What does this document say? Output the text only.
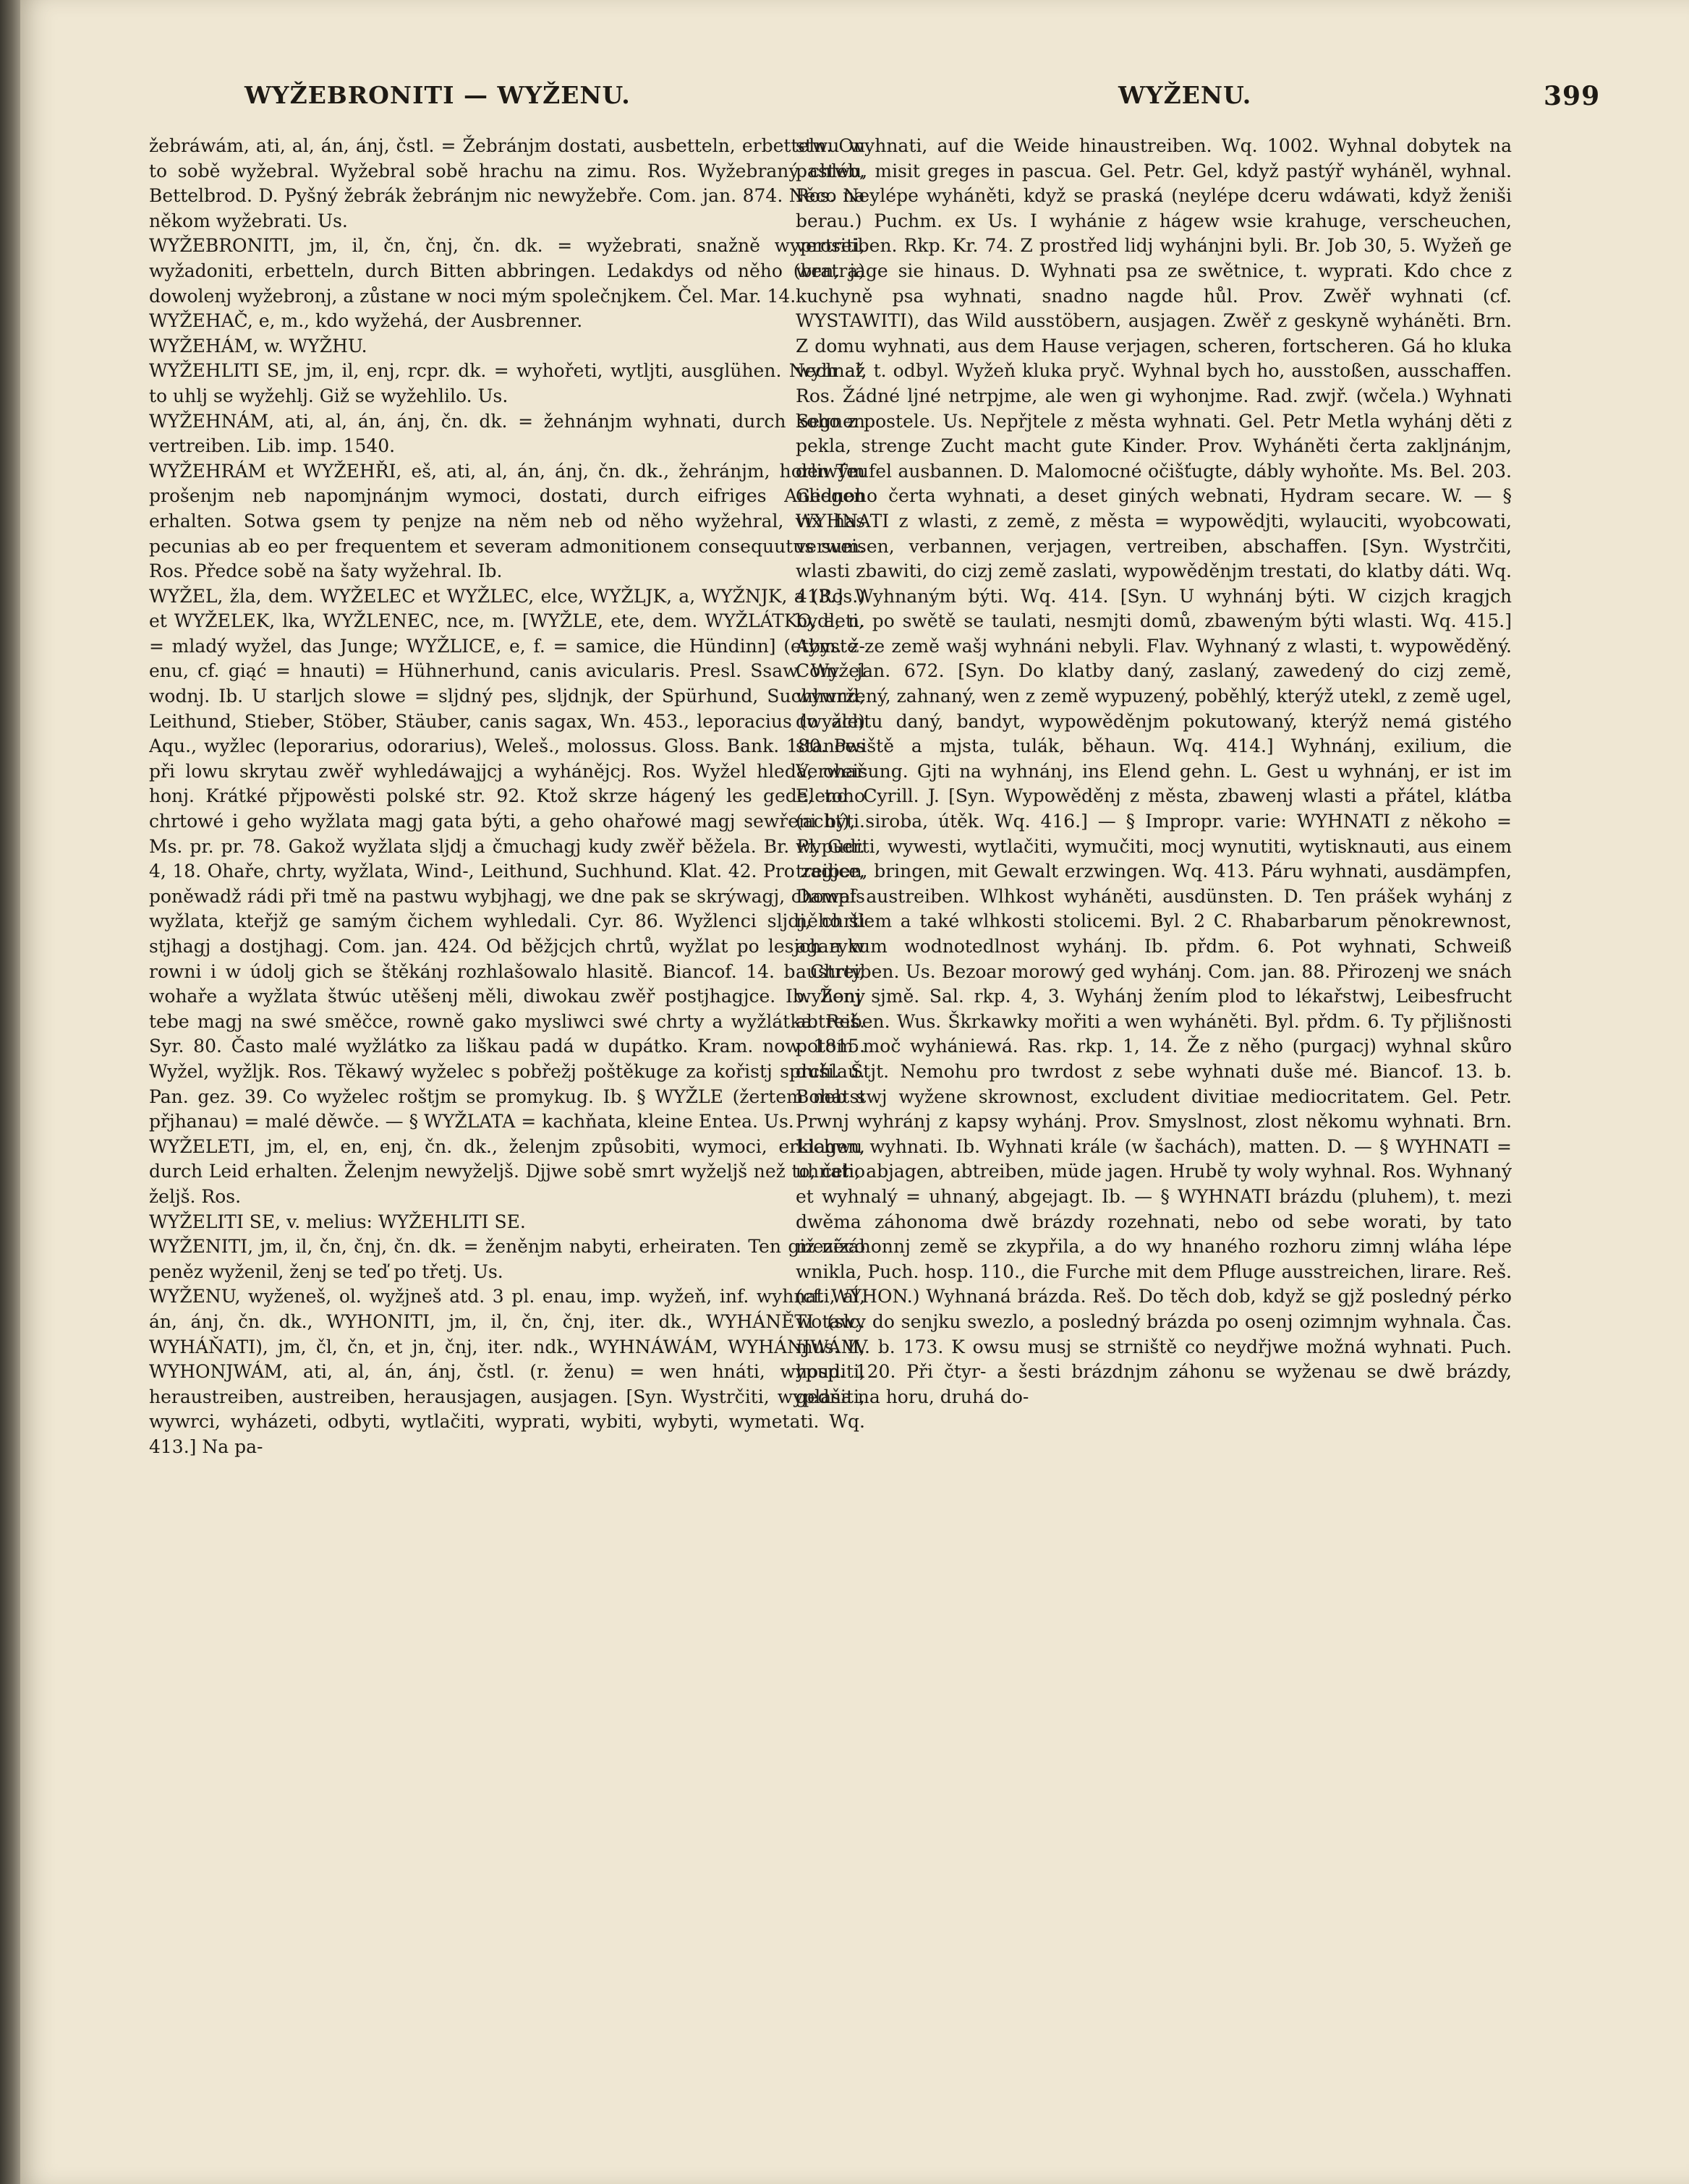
WYŽEBRONITI — WYŽENU.	WYŽENU.	399

žebráwám, ati, al, án, ánj, čstl. = Žebránjm dostati, ausbetteln, erbetteln. On to sobě wyžebral. Wyžebral sobě hrachu na zimu. Ros. Wyžebraný chléb, Bettelbrod. D. Pyšný žebrák žebránjm nic newyžebře. Com. jan. 874. Něco na někom wyžebrati. Us.

WYŽEBRONITI, jm, il, čn, čnj, čn. dk. = wyžebrati, snažně wyprositi, wyžadoniti, erbetteln, durch Bitten abbringen. Ledakdys od něho (bratra) dowolenj wyžebronj, a zůstane w noci mým společnjkem. Čel. Mar. 14.

WYŽEHAČ, e, m., kdo wyžehá, der Ausbrenner.

WYŽEHÁM, w. WYŽHU.

WYŽEHLITI SE, jm, il, enj, rcpr. dk. = wyhořeti, wytljti, ausglühen. Nech až to uhlj se wyžehlj. Giž se wyžehlilo. Us.

WYŽEHNÁM, ati, al, án, ánj, čn. dk. = žehnánjm wyhnati, durch Segnen vertreiben. Lib. imp. 1540.

WYŽEHRÁM et WYŽEHŘI, eš, ati, al, án, ánj, čn. dk., žehránjm, horliwým prošenjm neb napomjnánjm wymoci, dostati, durch eifriges Anliegen erhalten. Sotwa gsem ty penjze na něm neb od něho wyžehral, vix has pecunias ab eo per frequentem et severam admonitionem consequutus sum. Ros. Předce sobě na šaty wyžehral. Ib.

WYŽEL, žla, dem. WYŽELEC et WYŽLEC, elce, WYŽLJK, a, WYŽNJK, a (Ros.) et WYŽELEK, lka, WYŽLENEC, nce, m. [WYŽLE, ete, dem. WYŽLÁTKO, a, n. = mladý wyžel, das Junge; WYŽLICE, e, f. = samice, die Hündinn] (etym. ž-enu, cf. giąć = hnauti) = Hühnerhund, canis avicularis. Presl. Ssaw. Wyžel wodnj. Ib. U starljch slowe = sljdný pes, sljdnjk, der Spürhund, Suchhund, Leithund, Stieber, Stöber, Stäuber, canis sagax, Wn. 453., leporacius (wyžle) Aqu., wyžlec (leporarius, odorarius), Weleš., molossus. Gloss. Bank. 180. Pes při lowu skrytau zwěř wyhledáwajjcj a wyhánějcj. Ros. Wyžel hledá, ohař honj. Krátké přjpowěsti polské str. 92. Ktož skrze hágený les gede, toho chrtowé i geho wyžlata magj gata býti, a geho ohařowé magj sewřeni býti. Ms. pr. pr. 78. Gakož wyžlata sljdj a čmuchagj kudy zwěř běžela. Br. Pl. Ger. 4, 18. Ohaře, chrty, wyžlata, Wind-, Leithund, Suchhund. Klat. 42. Pro zagjce, poněwadž rádi při tmě na pastwu wybjhagj, we dne pak se skrýwagj, chowals wyžlata, kteřjž ge samým čichem wyhledali. Cyr. 86. Wyžlenci sljdj, chrti stjhagj a dostjhagj. Com. jan. 424. Od běžjcjch chrtů, wyžlat po lesjch a w rowni i w údolj gich se štěkánj rozhlašowalo hlasitě. Biancof. 14. b. Chrty, wohaře a wyžlata štwúc utěšenj měli, diwokau zwěř postjhagjce. Ib. Ženy tebe magj na swé směčce, rowně gako mysliwci swé chrty a wyžlátka. Reš. Syr. 80. Často malé wyžlátko za liškau padá w dupátko. Kram. now. 1815. Wyžel, wyžljk. Ros. Těkawý wyželec s pobřežj poštěkuge za kořistj sprchlau. Pan. gez. 39. Co wyželec roštjm se promykug. Ib. § WYŽLE (žertem neb s přjhanau) = malé děwče. — § WYŽLATA = kachňata, kleine Entea. Us.

WYŽELETI, jm, el, en, enj, čn. dk., želenjm způsobiti, wymoci, erklagen, durch Leid erhalten. Želenjm newyželjš. Djjwe sobě smrt wyželjš než to, čeho željš. Ros.

WYŽELITI SE, v. melius: WYŽEHLITI SE.

WYŽENITI, jm, il, čn, čnj, čn. dk. = ženěnjm nabyti, erheiraten. Ten giž něco peněz wyženil, ženj se teď po třetj. Us.

WYŽENU, wyženeš, ol. wyžjneš atd. 3 pl. enau, imp. wyžeň, inf. wyhnati, al, án, ánj, čn. dk., WYHONITI, jm, il, čn, čnj, iter. dk., WYHÁNĚTI (slc. WYHÁŇATI), jm, čl, čn, et jn, čnj, iter. ndk., WYHNÁWÁM, WYHÁNJWÁM, WYHONJWÁM, ati, al, án, ánj, čstl. (r. ženu) = wen hnáti, wypuditi, heraustreiben, austreiben, herausjagen, ausjagen. [Syn. Wystrčiti, wyplašiti, wywrci, wyházeti, odbyti, wytlačiti, wyprati, wybiti, wybyti, wymetati. Wq. 413.] Na pa-

stwu wyhnati, auf die Weide hinaustreiben. Wq. 1002. Wyhnal dobytek na pastwu, misit greges in pascua. Gel. Petr. Gel, když pastýř wyháněl, wyhnal. Ros. Neylépe wyháněti, když se praská (neylépe dceru wdáwati, když ženiši berau.) Puchm. ex Us. I wyhánie z hágew wsie krahuge, verscheuchen, vertreiben. Rkp. Kr. 74. Z prostřed lidj wyhánjni byli. Br. Job 30, 5. Wyžeň ge wen, jage sie hinaus. D. Wyhnati psa ze swětnice, t. wyprati. Kdo chce z kuchyně psa wyhnati, snadno nagde hůl. Prov. Zwěř wyhnati (cf. WYSTAWITI), das Wild ausstöbern, ausjagen. Zwěř z geskyně wyháněti. Brn. Z domu wyhnati, aus dem Hause verjagen, scheren, fortscheren. Gá ho kluka wyhnal, t. odbyl. Wyžeň kluka pryč. Wyhnal bych ho, ausstoßen, ausschaffen. Ros. Žádné ljné netrpjme, ale wen gi wyhonjme. Rad. zwjř. (wčela.) Wyhnati koho z postele. Us. Nepřjtele z města wyhnati. Gel. Petr Metla wyhánj děti z pekla, strenge Zucht macht gute Kinder. Prov. Wyháněti čerta zaklјnánjm, den Teufel ausbannen. D. Malomocné očišťugte, dábly wyhoňte. Ms. Bel. 203. Gednoho čerta wyhnati, a deset giných webnati, Hydram secare. W. — § WYHNATI z wlasti, z země, z města = wypowědjti, wylauciti, wyobcowati, verweisen, verbannen, verjagen, vertreiben, abschaffen. [Syn. Wystrčiti, wlasti zbawiti, do cizj země zaslati, wypowěděnjm trestati, do klatby dáti. Wq. 413.] Wyhnaným býti. Wq. 414. [Syn. U wyhnánj býti. W cizjch kragjch bydleti, po swětě se taulati, nesmjti domů, zbawenу́m býti wlasti. Wq. 415.] Abyste ze země wašj wyhnáni nebyli. Flav. Wyhnaný z wlasti, t. wypowěděný. Com. jan. 672. [Syn. Do klatby daný, zaslaný, zawedený do cizj země, wywržený, zahnaný, wen z země wypuzený, poběhlý, kterýž utekl, z země ugel, do achtu daný, bandyt, wypowěděnjm pokutowaný, kterýž nemá gistého stanowiště a mjsta, tulák, běhaun. Wq. 414.] Wyhnánj, exilium, die Verweisung. Gjti na wyhnánj, ins Elend gehn. L. Gest u wyhnánj, er ist im Elend. Cyrill. J. [Syn. Wypowěděnj z města, zbawenj wlasti a přátel, klátba (acht), siroba, útěk. Wq. 416.] — § Impropr. varie: WYHNATI z někoho = wypuditi, wywesti, wytlačiti, wymučiti, mocj wynutiti, wytisknauti, aus einem treiben, bringen, mit Gewalt erzwingen. Wq. 413. Páru wyhnati, ausdämpfen, Dampf austreiben. Wlhkost wyháněti, ausdünsten. D. Ten prášek wyhánj z něho šlem a také wlhkosti stolicemi. Byl. 2 C. Rhabarbarum pěnokrewnost, agarykum wodnotedlnost wyhánj. Ib. přdm. 6. Pot wyhnati, Schweiß austreiben. Us. Bezoar morowý ged wyhánj. Com. jan. 88. Přirozenj we snách wyhonj sjmě. Sal. rkp. 4, 3. Wyhánj žením plod to lékařstwj, Leibesfrucht abtreiben. Wus. Škrkawky mořiti a wen wyháněti. Byl. přdm. 6. Ty přjlišnosti potom moč wyhániewá. Ras. rkp. 1, 14. Že z něho (purgacj) wyhnal skůro duši. Štjt. Nemohu pro twrdost z sebe wyhnati duše mé. Biancof. 13. b. Bohatstwj wyžene skrownost, excludent divitiae mediocritatem. Gel. Petr. Prwnj wyhránj z kapsy wyhánj. Prov. Smyslnost, zlost někomu wyhnati. Brn. Lichwu wyhnati. Ib. Wyhnati krále (w šachách), matten. D. — § WYHNATI = uhnati, abjagen, abtreiben, müde jagen. Hrubě ty woly wyhnal. Ros. Wyhnaný et wyhnalý = uhnaný, abgejagt. Ib. — § WYHNATI brázdu (pluhem), t. mezi dwěma záhonoma dwě brázdy rozehnati, nebo od sebe worati, by tato mezizáhonnj země se zkypřila, a do wy hnaného rozhoru zimnj wláha lépe wnikla, Puch. hosp. 110., die Furche mit dem Pfluge ausstreichen, lirare. Reš. (cf. WÝHON.) Wyhnaná brázda. Reš. Do těch dob, když se gjž posledný pérko wotawy do senjku swezlo, a posledný brázda po osenj ozimnjm wyhnala. Čas. mus. IV. b. 173. K owsu musj se strniště co neydřjwe možná wyhnati. Puch. hosp. 120. Při čtyr- a šesti brázdnjm záhonu se wyženau se dwě brázdy, gedna na horu, druhá do-
